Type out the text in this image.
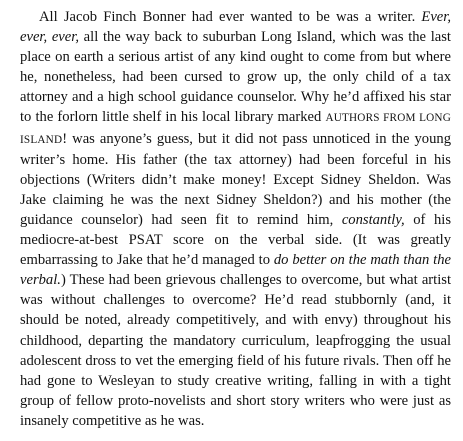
All Jacob Finch Bonner had ever wanted to be was a writer. Ever, ever, ever, all the way back to suburban Long Island, which was the last place on earth a serious artist of any kind ought to come from but where he, nonetheless, had been cursed to grow up, the only child of a tax attorney and a high school guidance counselor. Why he’d affixed his star to the forlorn little shelf in his local library marked AUTHORS FROM LONG ISLAND! was anyone’s guess, but it did not pass unnoticed in the young writer’s home. His father (the tax attorney) had been forceful in his objections (Writers didn’t make money! Except Sidney Sheldon. Was Jake claiming he was the next Sidney Sheldon?) and his mother (the guidance counselor) had seen fit to remind him, constantly, of his mediocre-at-best PSAT score on the verbal side. (It was greatly embarrassing to Jake that he’d managed to do better on the math than the verbal.) These had been grievous challenges to overcome, but what artist was without challenges to overcome? He’d read stubbornly (and, it should be noted, already competitively, and with envy) throughout his childhood, departing the mandatory curriculum, leapfrogging the usual adolescent dross to vet the emerging field of his future rivals. Then off he had gone to Wesleyan to study creative writing, falling in with a tight group of fellow proto-novelists and short story writers who were just as insanely competitive as he was.
